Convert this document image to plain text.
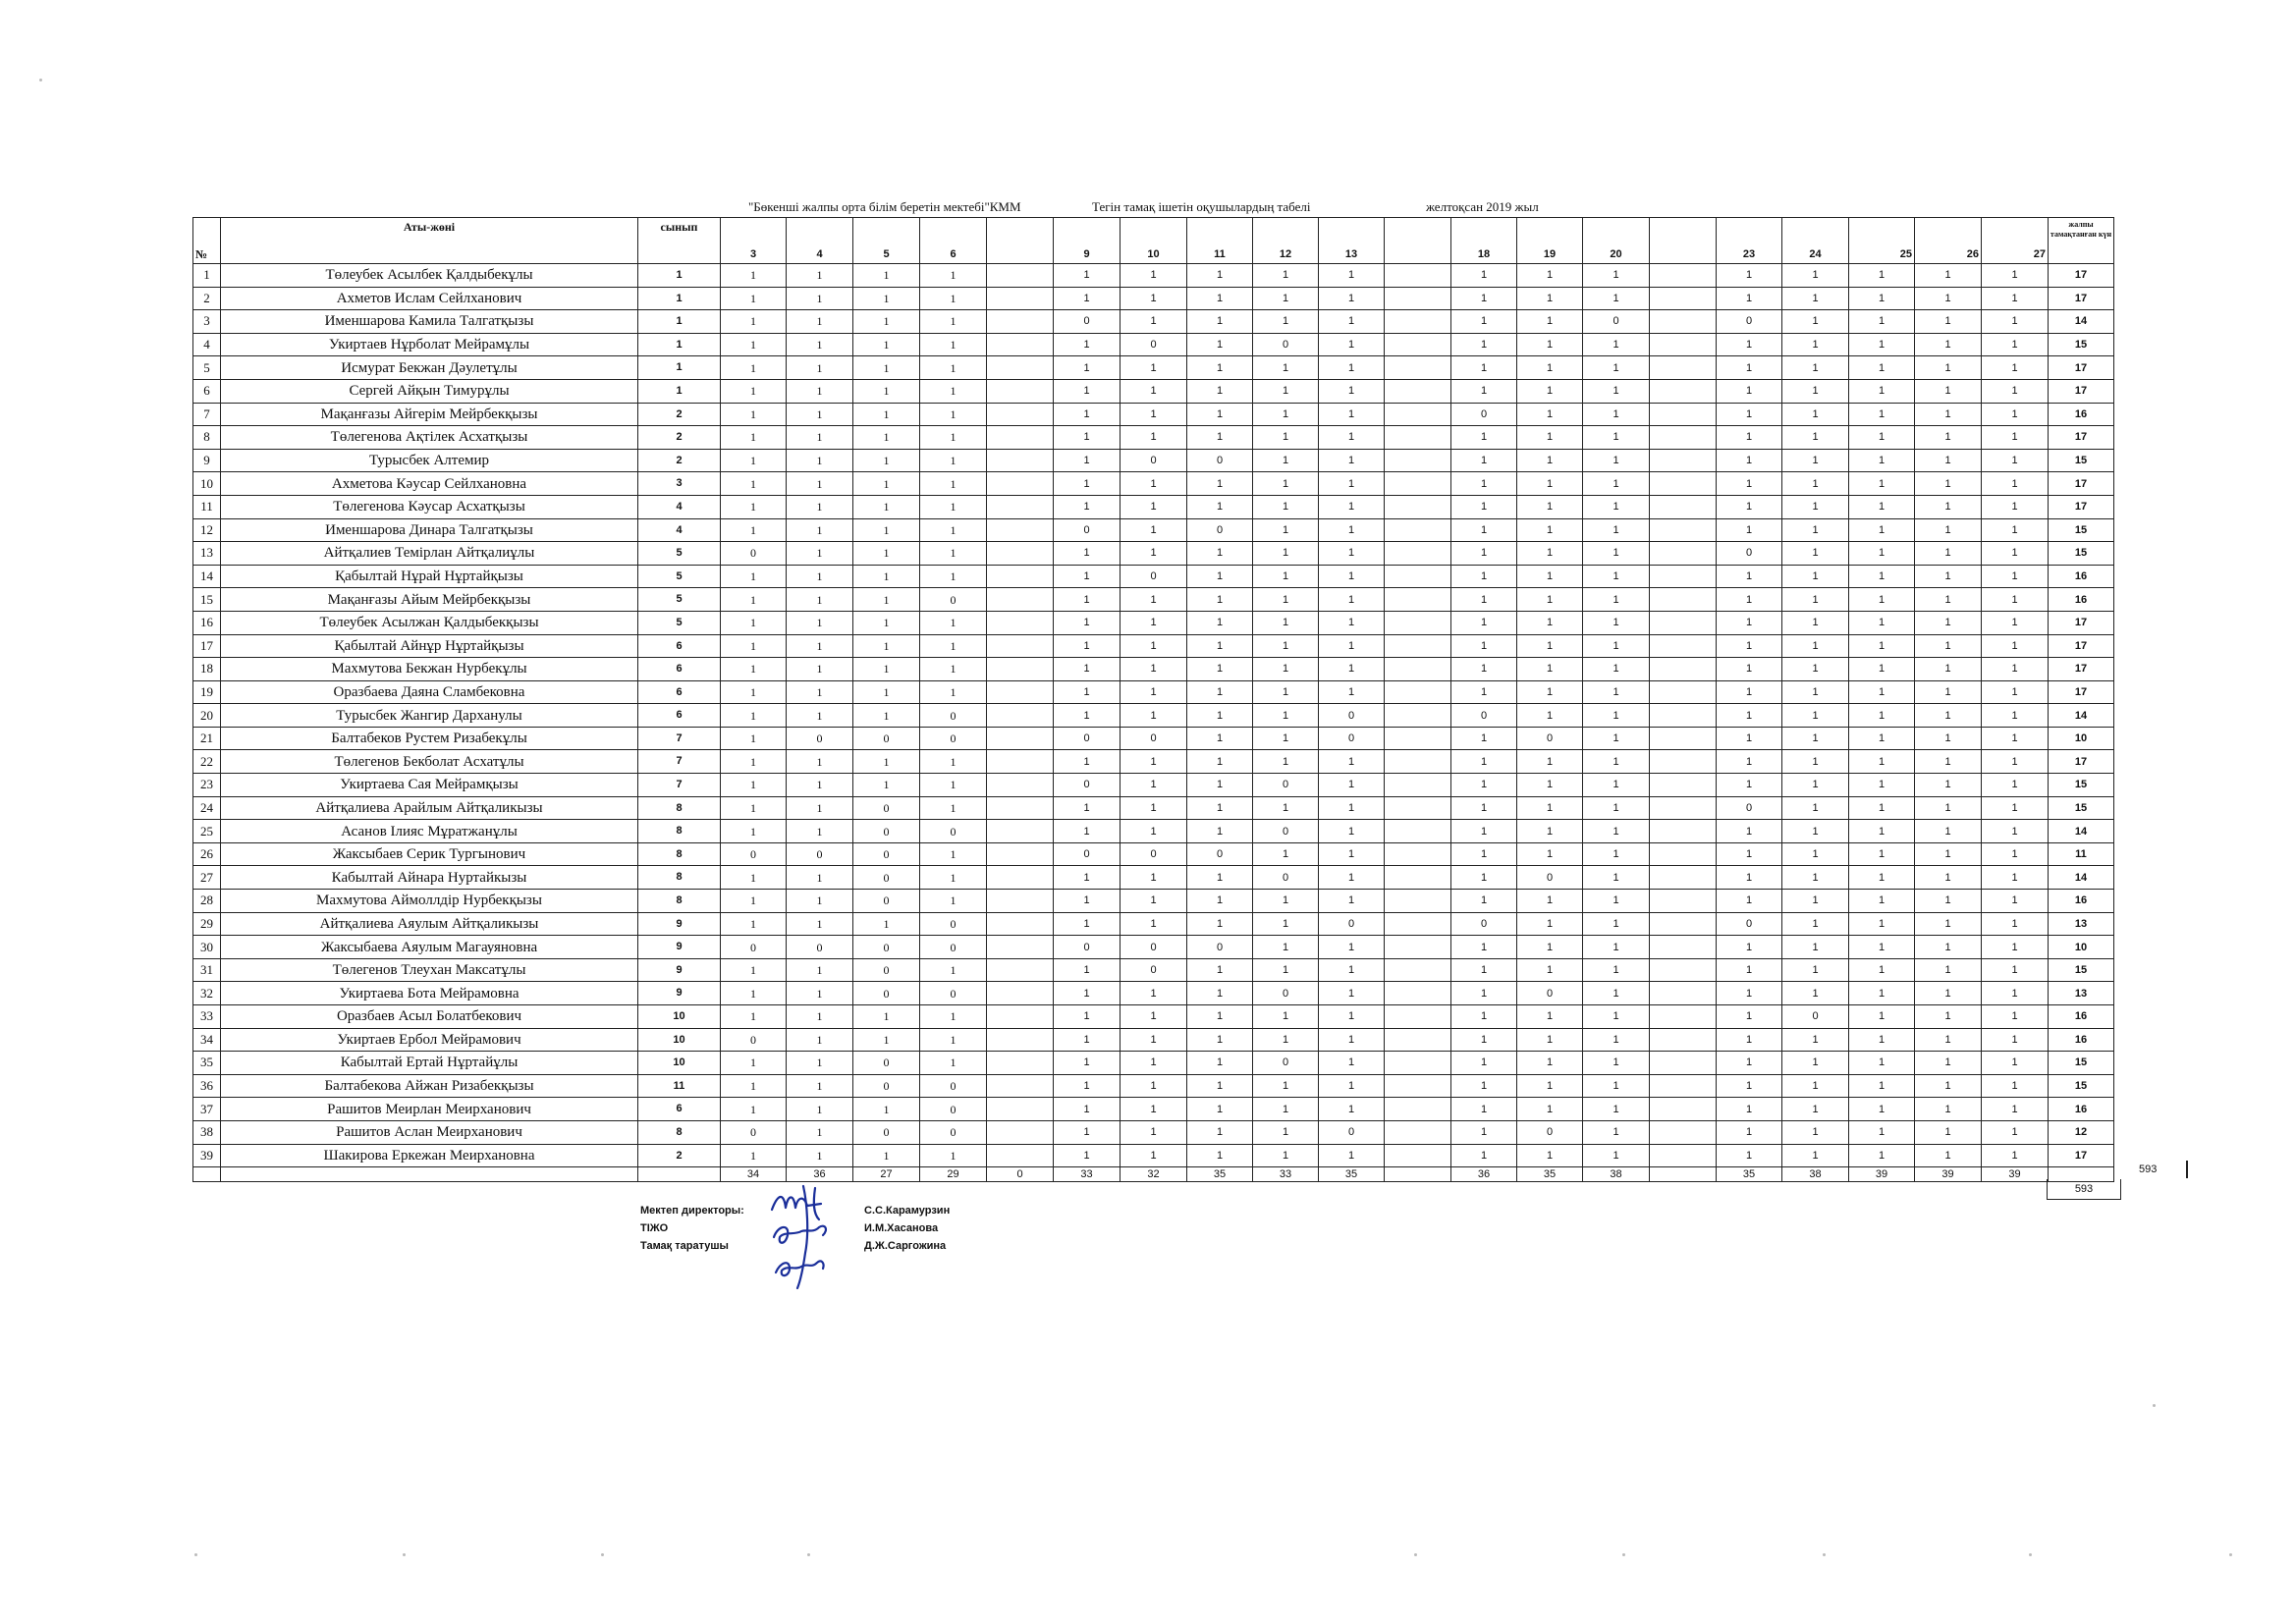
"Бөкеншi жалпы орта бiлiм беретiн мектебi"КММ	Тегiн тамақ iшетiн оқушылардың табелi	желтоқсан 2019 жыл
№	Аты-жөнi	сынып	3	4	5	6		9	10	11	12	13		18	19	20		23	24	25	26	27	жалпы тамақтанған күн
1	Төлеубек Асылбек Қалдыбекұлы	1	1	1	1	1		1	1	1	1	1		1	1	1		1	1	1	1	1	17
2	Ахметов Ислам Сейлханович	1	1	1	1	1		1	1	1	1	1		1	1	1		1	1	1	1	1	17
3	Именшарова Камила Талгатқызы	1	1	1	1	1		0	1	1	1	1		1	1	0		0	1	1	1	1	14
4	Укиртаев Нұрболат Мейрамұлы	1	1	1	1	1		1	0	1	0	1		1	1	1		1	1	1	1	1	15
5	Исмурат Бекжан Дәулетұлы	1	1	1	1	1		1	1	1	1	1		1	1	1		1	1	1	1	1	17
6	Сергей Айқын Тимурұлы	1	1	1	1	1		1	1	1	1	1		1	1	1		1	1	1	1	1	17
7	Мақанғазы Айгерім Мейрбекқызы	2	1	1	1	1		1	1	1	1	1		0	1	1		1	1	1	1	1	16
8	Төлегенова Ақтілек Асхатқызы	2	1	1	1	1		1	1	1	1	1		1	1	1		1	1	1	1	1	17
9	Турысбек Алтемир	2	1	1	1	1		1	0	0	1	1		1	1	1		1	1	1	1	1	15
10	Ахметова Кәусар Сейлхановна	3	1	1	1	1		1	1	1	1	1		1	1	1		1	1	1	1	1	17
11	Төлегенова Кәусар Асхатқызы	4	1	1	1	1		1	1	1	1	1		1	1	1		1	1	1	1	1	17
12	Именшарова Динара Талгатқызы	4	1	1	1	1		0	1	0	1	1		1	1	1		1	1	1	1	1	15
13	Айтқалиев Темірлан Айтқалиұлы	5	0	1	1	1		1	1	1	1	1		1	1	1		0	1	1	1	1	15
14	Қабылтай Нұрай Нұртайқызы	5	1	1	1	1		1	0	1	1	1		1	1	1		1	1	1	1	1	16
15	Мақанғазы Айым Мейрбекқызы	5	1	1	1	0		1	1	1	1	1		1	1	1		1	1	1	1	1	16
16	Төлеубек Асылжан Қалдыбекқызы	5	1	1	1	1		1	1	1	1	1		1	1	1		1	1	1	1	1	17
17	Қабылтай Айнұр Нұртайқызы	6	1	1	1	1		1	1	1	1	1		1	1	1		1	1	1	1	1	17
18	Махмутова Бекжан Нурбекұлы	6	1	1	1	1		1	1	1	1	1		1	1	1		1	1	1	1	1	17
19	Оразбаева Даяна Сламбековна	6	1	1	1	1		1	1	1	1	1		1	1	1		1	1	1	1	1	17
20	Турысбек Жангир Дарханулы	6	1	1	1	0		1	1	1	1	0		0	1	1		1	1	1	1	1	14
21	Балтабеков Рустем Ризабекұлы	7	1	0	0	0		0	0	1	1	0		1	0	1		1	1	1	1	1	10
22	Төлегенов Бекболат Асхатұлы	7	1	1	1	1		1	1	1	1	1		1	1	1		1	1	1	1	1	17
23	Укиртаева Сая Мейрамқызы	7	1	1	1	1		0	1	1	0	1		1	1	1		1	1	1	1	1	15
24	Айтқалиева Арайлым Айтқаликызы	8	1	1	0	1		1	1	1	1	1		1	1	1		0	1	1	1	1	15
25	Асанов Ілияс Мұратжанұлы	8	1	1	0	0		1	1	1	0	1		1	1	1		1	1	1	1	1	14
26	Жаксыбаев Серик Тургынович	8	0	0	0	1		0	0	0	1	1		1	1	1		1	1	1	1	1	11
27	Кабылтай Айнара Нуртайкызы	8	1	1	0	1		1	1	1	0	1		1	0	1		1	1	1	1	1	14
28	Махмутова Аймоллдір Нурбекқызы	8	1	1	0	1		1	1	1	1	1		1	1	1		1	1	1	1	1	16
29	Айтқалиева Аяулым Айтқаликызы	9	1	1	1	0		1	1	1	1	0		0	1	1		0	1	1	1	1	13
30	Жаксыбаева Аяулым Магауяновна	9	0	0	0	0		0	0	0	1	1		1	1	1		1	1	1	1	1	10
31	Төлегенов Тлеухан Максатұлы	9	1	1	0	1		1	0	1	1	1		1	1	1		1	1	1	1	1	15
32	Укиртаева Бота Мейрамовна	9	1	1	0	0		1	1	1	0	1		1	0	1		1	1	1	1	1	13
33	Оразбаев Асыл Болатбекович	10	1	1	1	1		1	1	1	1	1		1	1	1		1	0	1	1	1	16
34	Укиртаев Ербол Мейрамович	10	0	1	1	1		1	1	1	1	1		1	1	1		1	1	1	1	1	16
35	Кабылтай Ертай Нұртайұлы	10	1	1	0	1		1	1	1	0	1		1	1	1		1	1	1	1	1	15
36	Балтабекова Айжан Ризабекқызы	11	1	1	0	0		1	1	1	1	1		1	1	1		1	1	1	1	1	15
37	Рашитов Меирлан Меирханович	6	1	1	1	0		1	1	1	1	1		1	1	1		1	1	1	1	1	16
38	Рашитов Аслан Меирханович	8	0	1	0	0		1	1	1	1	0		1	0	1		1	1	1	1	1	12
39	Шакирова Еркежан Меирхановна	2	1	1	1	1		1	1	1	1	1		1	1	1		1	1	1	1	1	17
			34	36	27	29	0	33	32	35	33	35		36	35	38		35	38	39	39	39	
593
593
Мектеп директоры:	С.С.Карамурзин
ТІЖО	И.М.Хасанова
Тамақ таратушы	Д.Ж.Саргожина
